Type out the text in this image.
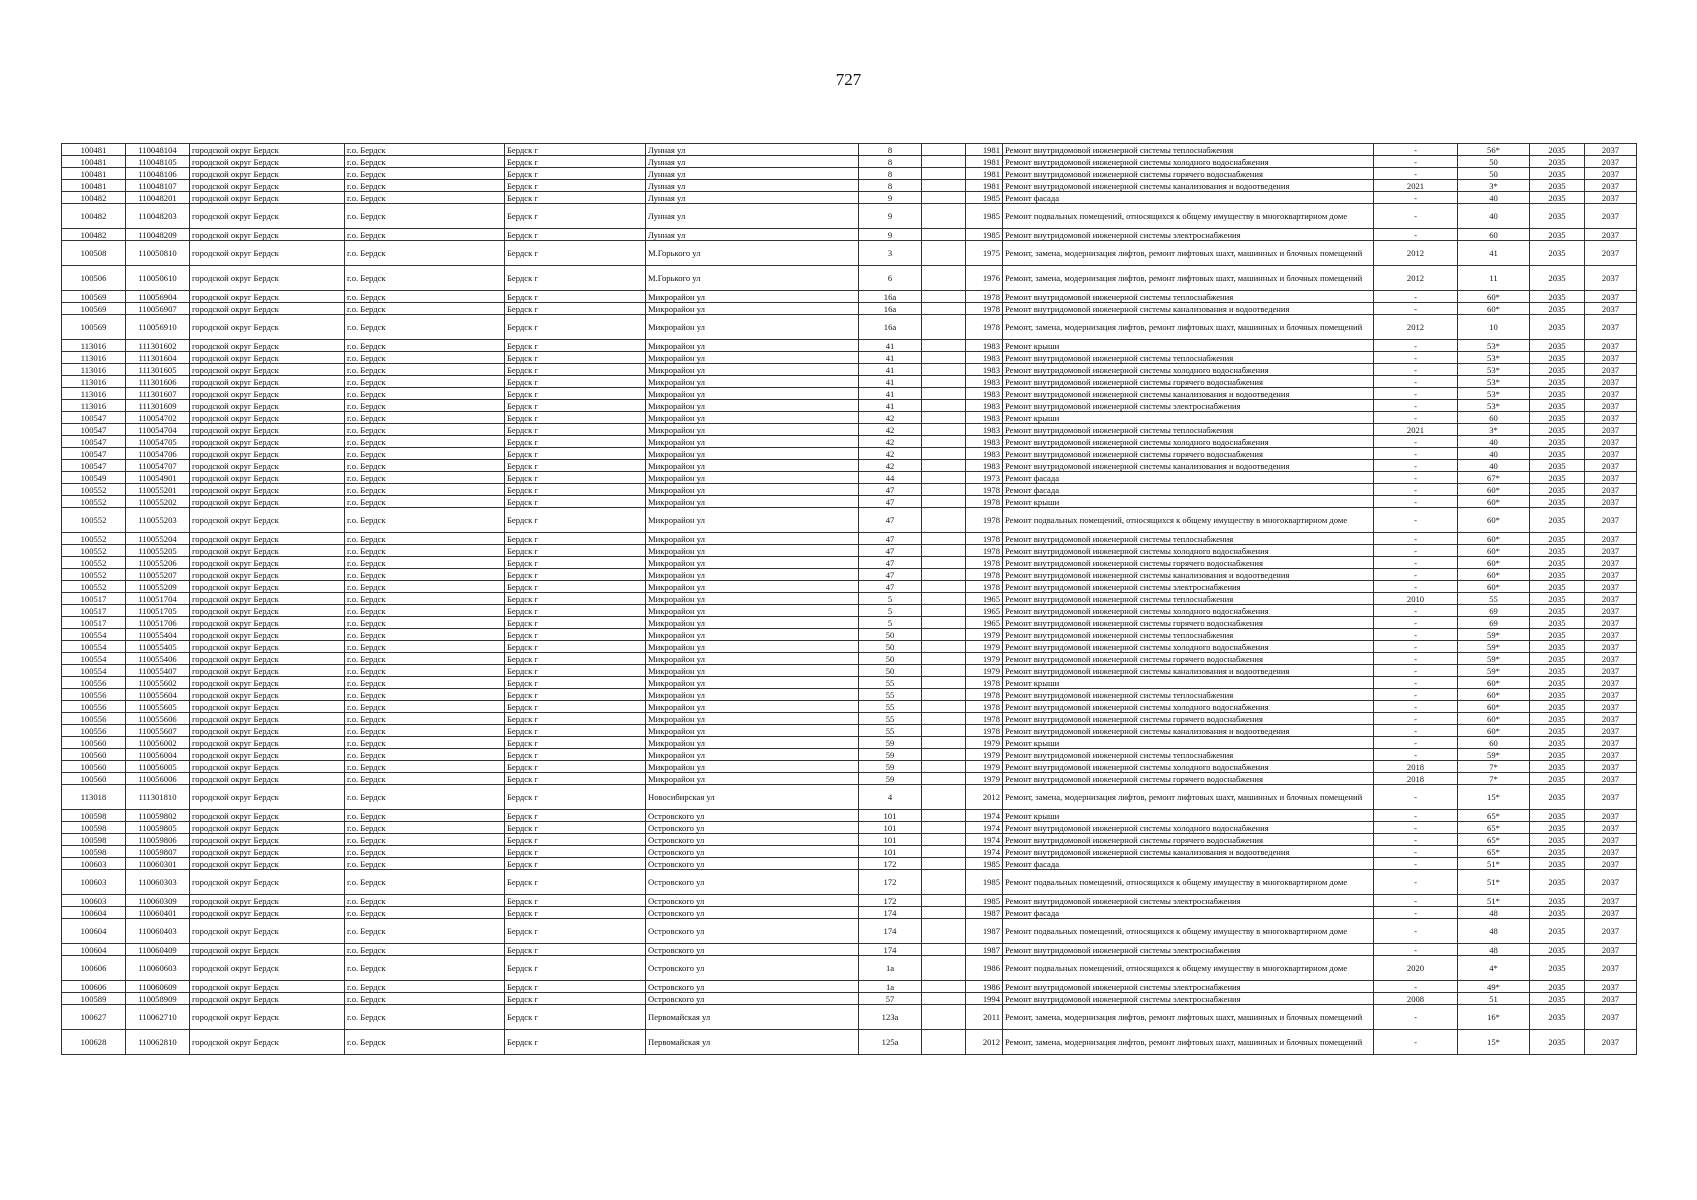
727
100481	110048104	городской округ Бердск	г.о. Бердск	Бердск г	Лунная ул	8		1981	Ремонт внутридомовой инженерной системы теплоснабжения	-	56*	2035	2037
100481	110048105	городской округ Бердск	г.о. Бердск	Бердск г	Лунная ул	8		1981	Ремонт внутридомовой инженерной системы холодного водоснабжения	-	50	2035	2037
100481	110048106	городской округ Бердск	г.о. Бердск	Бердск г	Лунная ул	8		1981	Ремонт внутридомовой инженерной системы горячего водоснабжения	-	50	2035	2037
100481	110048107	городской округ Бердск	г.о. Бердск	Бердск г	Лунная ул	8		1981	Ремонт внутридомовой инженерной системы канализования и водоотведения	2021	3*	2035	2037
100482	110048201	городской округ Бердск	г.о. Бердск	Бердск г	Лунная ул	9		1985	Ремонт фасада	-	40	2035	2037
100482	110048203	городской округ Бердск	г.о. Бердск	Бердск г	Лунная ул	9		1985	Ремонт подвальных помещений, относящихся к общему имуществу в многоквартирном доме	-	40	2035	2037
100482	110048209	городской округ Бердск	г.о. Бердск	Бердск г	Лунная ул	9		1985	Ремонт внутридомовой инженерной системы электроснабжения	-	60	2035	2037
100508	110050810	городской округ Бердск	г.о. Бердск	Бердск г	М.Горького ул	3		1975	Ремонт, замена, модернизация лифтов, ремонт лифтовых шахт, машинных и блочных помещений	2012	41	2035	2037
100506	110050610	городской округ Бердск	г.о. Бердск	Бердск г	М.Горького ул	6		1976	Ремонт, замена, модернизация лифтов, ремонт лифтовых шахт, машинных и блочных помещений	2012	11	2035	2037
100569	110056904	городской округ Бердск	г.о. Бердск	Бердск г	Микрорайон ул	16а		1978	Ремонт внутридомовой инженерной системы теплоснабжения	-	60*	2035	2037
100569	110056907	городской округ Бердск	г.о. Бердск	Бердск г	Микрорайон ул	16а		1978	Ремонт внутридомовой инженерной системы канализования и водоотведения	-	60*	2035	2037
100569	110056910	городской округ Бердск	г.о. Бердск	Бердск г	Микрорайон ул	16а		1978	Ремонт, замена, модернизация лифтов, ремонт лифтовых шахт, машинных и блочных помещений	2012	10	2035	2037
113016	111301602	городской округ Бердск	г.о. Бердск	Бердск г	Микрорайон ул	41		1983	Ремонт крыши	-	53*	2035	2037
113016	111301604	городской округ Бердск	г.о. Бердск	Бердск г	Микрорайон ул	41		1983	Ремонт внутридомовой инженерной системы теплоснабжения	-	53*	2035	2037
113016	111301605	городской округ Бердск	г.о. Бердск	Бердск г	Микрорайон ул	41		1983	Ремонт внутридомовой инженерной системы холодного водоснабжения	-	53*	2035	2037
113016	111301606	городской округ Бердск	г.о. Бердск	Бердск г	Микрорайон ул	41		1983	Ремонт внутридомовой инженерной системы горячего водоснабжения	-	53*	2035	2037
113016	111301607	городской округ Бердск	г.о. Бердск	Бердск г	Микрорайон ул	41		1983	Ремонт внутридомовой инженерной системы канализования и водоотведения	-	53*	2035	2037
113016	111301609	городской округ Бердск	г.о. Бердск	Бердск г	Микрорайон ул	41		1983	Ремонт внутридомовой инженерной системы электроснабжения	-	53*	2035	2037
100547	110054702	городской округ Бердск	г.о. Бердск	Бердск г	Микрорайон ул	42		1983	Ремонт крыши	-	60	2035	2037
100547	110054704	городской округ Бердск	г.о. Бердск	Бердск г	Микрорайон ул	42		1983	Ремонт внутридомовой инженерной системы теплоснабжения	2021	3*	2035	2037
100547	110054705	городской округ Бердск	г.о. Бердск	Бердск г	Микрорайон ул	42		1983	Ремонт внутридомовой инженерной системы холодного водоснабжения	-	40	2035	2037
100547	110054706	городской округ Бердск	г.о. Бердск	Бердск г	Микрорайон ул	42		1983	Ремонт внутридомовой инженерной системы горячего водоснабжения	-	40	2035	2037
100547	110054707	городской округ Бердск	г.о. Бердск	Бердск г	Микрорайон ул	42		1983	Ремонт внутридомовой инженерной системы канализования и водоотведения	-	40	2035	2037
100549	110054901	городской округ Бердск	г.о. Бердск	Бердск г	Микрорайон ул	44		1973	Ремонт фасада	-	67*	2035	2037
100552	110055201	городской округ Бердск	г.о. Бердск	Бердск г	Микрорайон ул	47		1978	Ремонт фасада	-	60*	2035	2037
100552	110055202	городской округ Бердск	г.о. Бердск	Бердск г	Микрорайон ул	47		1978	Ремонт крыши	-	60*	2035	2037
100552	110055203	городской округ Бердск	г.о. Бердск	Бердск г	Микрорайон ул	47		1978	Ремонт подвальных помещений, относящихся к общему имуществу в многоквартирном доме	-	60*	2035	2037
100552	110055204	городской округ Бердск	г.о. Бердск	Бердск г	Микрорайон ул	47		1978	Ремонт внутридомовой инженерной системы теплоснабжения	-	60*	2035	2037
100552	110055205	городской округ Бердск	г.о. Бердск	Бердск г	Микрорайон ул	47		1978	Ремонт внутридомовой инженерной системы холодного водоснабжения	-	60*	2035	2037
100552	110055206	городской округ Бердск	г.о. Бердск	Бердск г	Микрорайон ул	47		1978	Ремонт внутридомовой инженерной системы горячего водоснабжения	-	60*	2035	2037
100552	110055207	городской округ Бердск	г.о. Бердск	Бердск г	Микрорайон ул	47		1978	Ремонт внутридомовой инженерной системы канализования и водоотведения	-	60*	2035	2037
100552	110055209	городской округ Бердск	г.о. Бердск	Бердск г	Микрорайон ул	47		1978	Ремонт внутридомовой инженерной системы электроснабжения	-	60*	2035	2037
100517	110051704	городской округ Бердск	г.о. Бердск	Бердск г	Микрорайон ул	5		1965	Ремонт внутридомовой инженерной системы теплоснабжения	2010	55	2035	2037
100517	110051705	городской округ Бердск	г.о. Бердск	Бердск г	Микрорайон ул	5		1965	Ремонт внутридомовой инженерной системы холодного водоснабжения	-	69	2035	2037
100517	110051706	городской округ Бердск	г.о. Бердск	Бердск г	Микрорайон ул	5		1965	Ремонт внутридомовой инженерной системы горячего водоснабжения	-	69	2035	2037
100554	110055404	городской округ Бердск	г.о. Бердск	Бердск г	Микрорайон ул	50		1979	Ремонт внутридомовой инженерной системы теплоснабжения	-	59*	2035	2037
100554	110055405	городской округ Бердск	г.о. Бердск	Бердск г	Микрорайон ул	50		1979	Ремонт внутридомовой инженерной системы холодного водоснабжения	-	59*	2035	2037
100554	110055406	городской округ Бердск	г.о. Бердск	Бердск г	Микрорайон ул	50		1979	Ремонт внутридомовой инженерной системы горячего водоснабжения	-	59*	2035	2037
100554	110055407	городской округ Бердск	г.о. Бердск	Бердск г	Микрорайон ул	50		1979	Ремонт внутридомовой инженерной системы канализования и водоотведения	-	59*	2035	2037
100556	110055602	городской округ Бердск	г.о. Бердск	Бердск г	Микрорайон ул	55		1978	Ремонт крыши	-	60*	2035	2037
100556	110055604	городской округ Бердск	г.о. Бердск	Бердск г	Микрорайон ул	55		1978	Ремонт внутридомовой инженерной системы теплоснабжения	-	60*	2035	2037
100556	110055605	городской округ Бердск	г.о. Бердск	Бердск г	Микрорайон ул	55		1978	Ремонт внутридомовой инженерной системы холодного водоснабжения	-	60*	2035	2037
100556	110055606	городской округ Бердск	г.о. Бердск	Бердск г	Микрорайон ул	55		1978	Ремонт внутридомовой инженерной системы горячего водоснабжения	-	60*	2035	2037
100556	110055607	городской округ Бердск	г.о. Бердск	Бердск г	Микрорайон ул	55		1978	Ремонт внутридомовой инженерной системы канализования и водоотведения	-	60*	2035	2037
100560	110056002	городской округ Бердск	г.о. Бердск	Бердск г	Микрорайон ул	59		1979	Ремонт крыши	-	60	2035	2037
100560	110056004	городской округ Бердск	г.о. Бердск	Бердск г	Микрорайон ул	59		1979	Ремонт внутридомовой инженерной системы теплоснабжения	-	59*	2035	2037
100560	110056005	городской округ Бердск	г.о. Бердск	Бердск г	Микрорайон ул	59		1979	Ремонт внутридомовой инженерной системы холодного водоснабжения	2018	7*	2035	2037
100560	110056006	городской округ Бердск	г.о. Бердск	Бердск г	Микрорайон ул	59		1979	Ремонт внутридомовой инженерной системы горячего водоснабжения	2018	7*	2035	2037
113018	111301810	городской округ Бердск	г.о. Бердск	Бердск г	Новосибирская ул	4		2012	Ремонт, замена, модернизация лифтов, ремонт лифтовых шахт, машинных и блочных помещений	-	15*	2035	2037
100598	110059802	городской округ Бердск	г.о. Бердск	Бердск г	Островского ул	101		1974	Ремонт крыши	-	65*	2035	2037
100598	110059805	городской округ Бердск	г.о. Бердск	Бердск г	Островского ул	101		1974	Ремонт внутридомовой инженерной системы холодного водоснабжения	-	65*	2035	2037
100598	110059806	городской округ Бердск	г.о. Бердск	Бердск г	Островского ул	101		1974	Ремонт внутридомовой инженерной системы горячего водоснабжения	-	65*	2035	2037
100598	110059807	городской округ Бердск	г.о. Бердск	Бердск г	Островского ул	101		1974	Ремонт внутридомовой инженерной системы канализования и водоотведения	-	65*	2035	2037
100603	110060301	городской округ Бердск	г.о. Бердск	Бердск г	Островского ул	172		1985	Ремонт фасада	-	51*	2035	2037
100603	110060303	городской округ Бердск	г.о. Бердск	Бердск г	Островского ул	172		1985	Ремонт подвальных помещений, относящихся к общему имуществу в многоквартирном доме	-	51*	2035	2037
100603	110060309	городской округ Бердск	г.о. Бердск	Бердск г	Островского ул	172		1985	Ремонт внутридомовой инженерной системы электроснабжения	-	51*	2035	2037
100604	110060401	городской округ Бердск	г.о. Бердск	Бердск г	Островского ул	174		1987	Ремонт фасада	-	48	2035	2037
100604	110060403	городской округ Бердск	г.о. Бердск	Бердск г	Островского ул	174		1987	Ремонт подвальных помещений, относящихся к общему имуществу в многоквартирном доме	-	48	2035	2037
100604	110060409	городской округ Бердск	г.о. Бердск	Бердск г	Островского ул	174		1987	Ремонт внутридомовой инженерной системы электроснабжения	-	48	2035	2037
100606	110060603	городской округ Бердск	г.о. Бердск	Бердск г	Островского ул	1а		1986	Ремонт подвальных помещений, относящихся к общему имуществу в многоквартирном доме	2020	4*	2035	2037
100606	110060609	городской округ Бердск	г.о. Бердск	Бердск г	Островского ул	1а		1986	Ремонт внутридомовой инженерной системы электроснабжения	-	49*	2035	2037
100589	110058909	городской округ Бердск	г.о. Бердск	Бердск г	Островского ул	57		1994	Ремонт внутридомовой инженерной системы электроснабжения	2008	51	2035	2037
100627	110062710	городской округ Бердск	г.о. Бердск	Бердск г	Первомайская ул	123а		2011	Ремонт, замена, модернизация лифтов, ремонт лифтовых шахт, машинных и блочных помещений	-	16*	2035	2037
100628	110062810	городской округ Бердск	г.о. Бердск	Бердск г	Первомайская ул	125а		2012	Ремонт, замена, модернизация лифтов, ремонт лифтовых шахт, машинных и блочных помещений	-	15*	2035	2037
